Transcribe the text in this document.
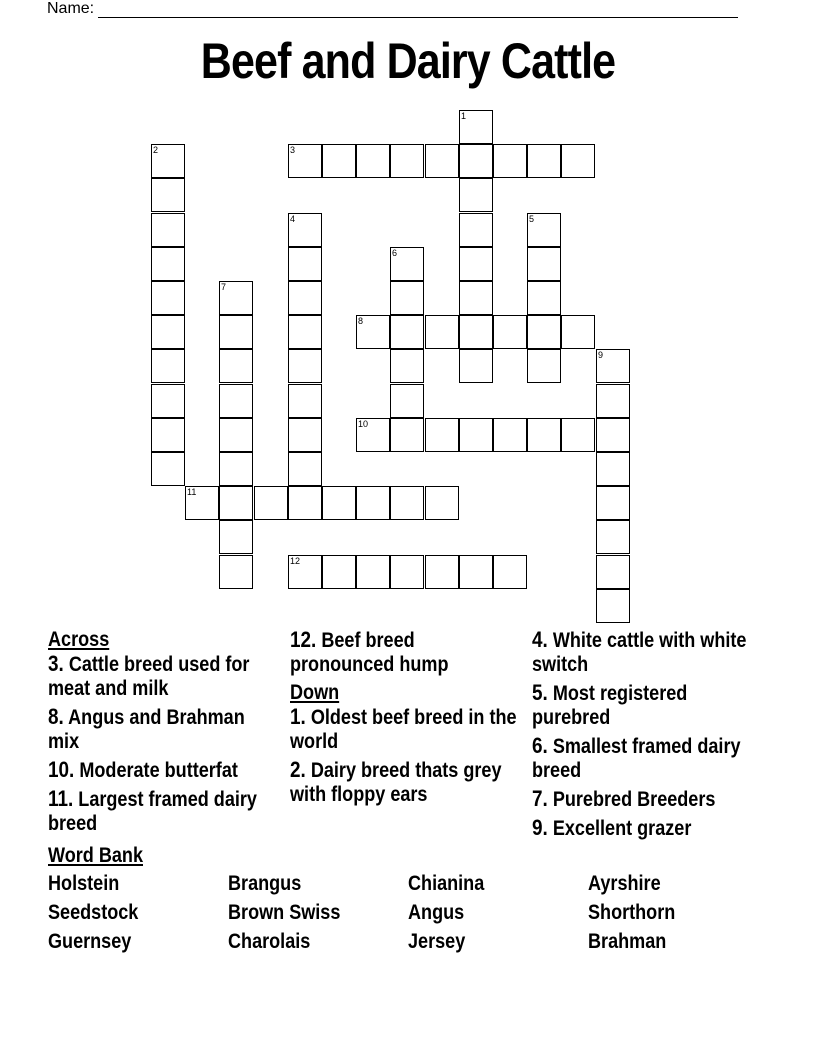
Name:
Beef and Dairy Cattle
1
2	3
4	5
6
7
8
9
10
11
12
Across
3. Cattle breed used for meat and milk
8. Angus and Brahman mix
10. Moderate butterfat
11. Largest framed dairy breed
12. Beef breed pronounced hump
Down
1. Oldest beef breed in the world
2. Dairy breed thats grey with floppy ears
4. White cattle with white switch
5. Most registered purebred
6. Smallest framed dairy breed
7. Purebred Breeders
9. Excellent grazer
Word Bank
Holstein	Brangus	Chianina	Ayrshire
Seedstock	Brown Swiss	Angus	Shorthorn
Guernsey	Charolais	Jersey	Brahman
